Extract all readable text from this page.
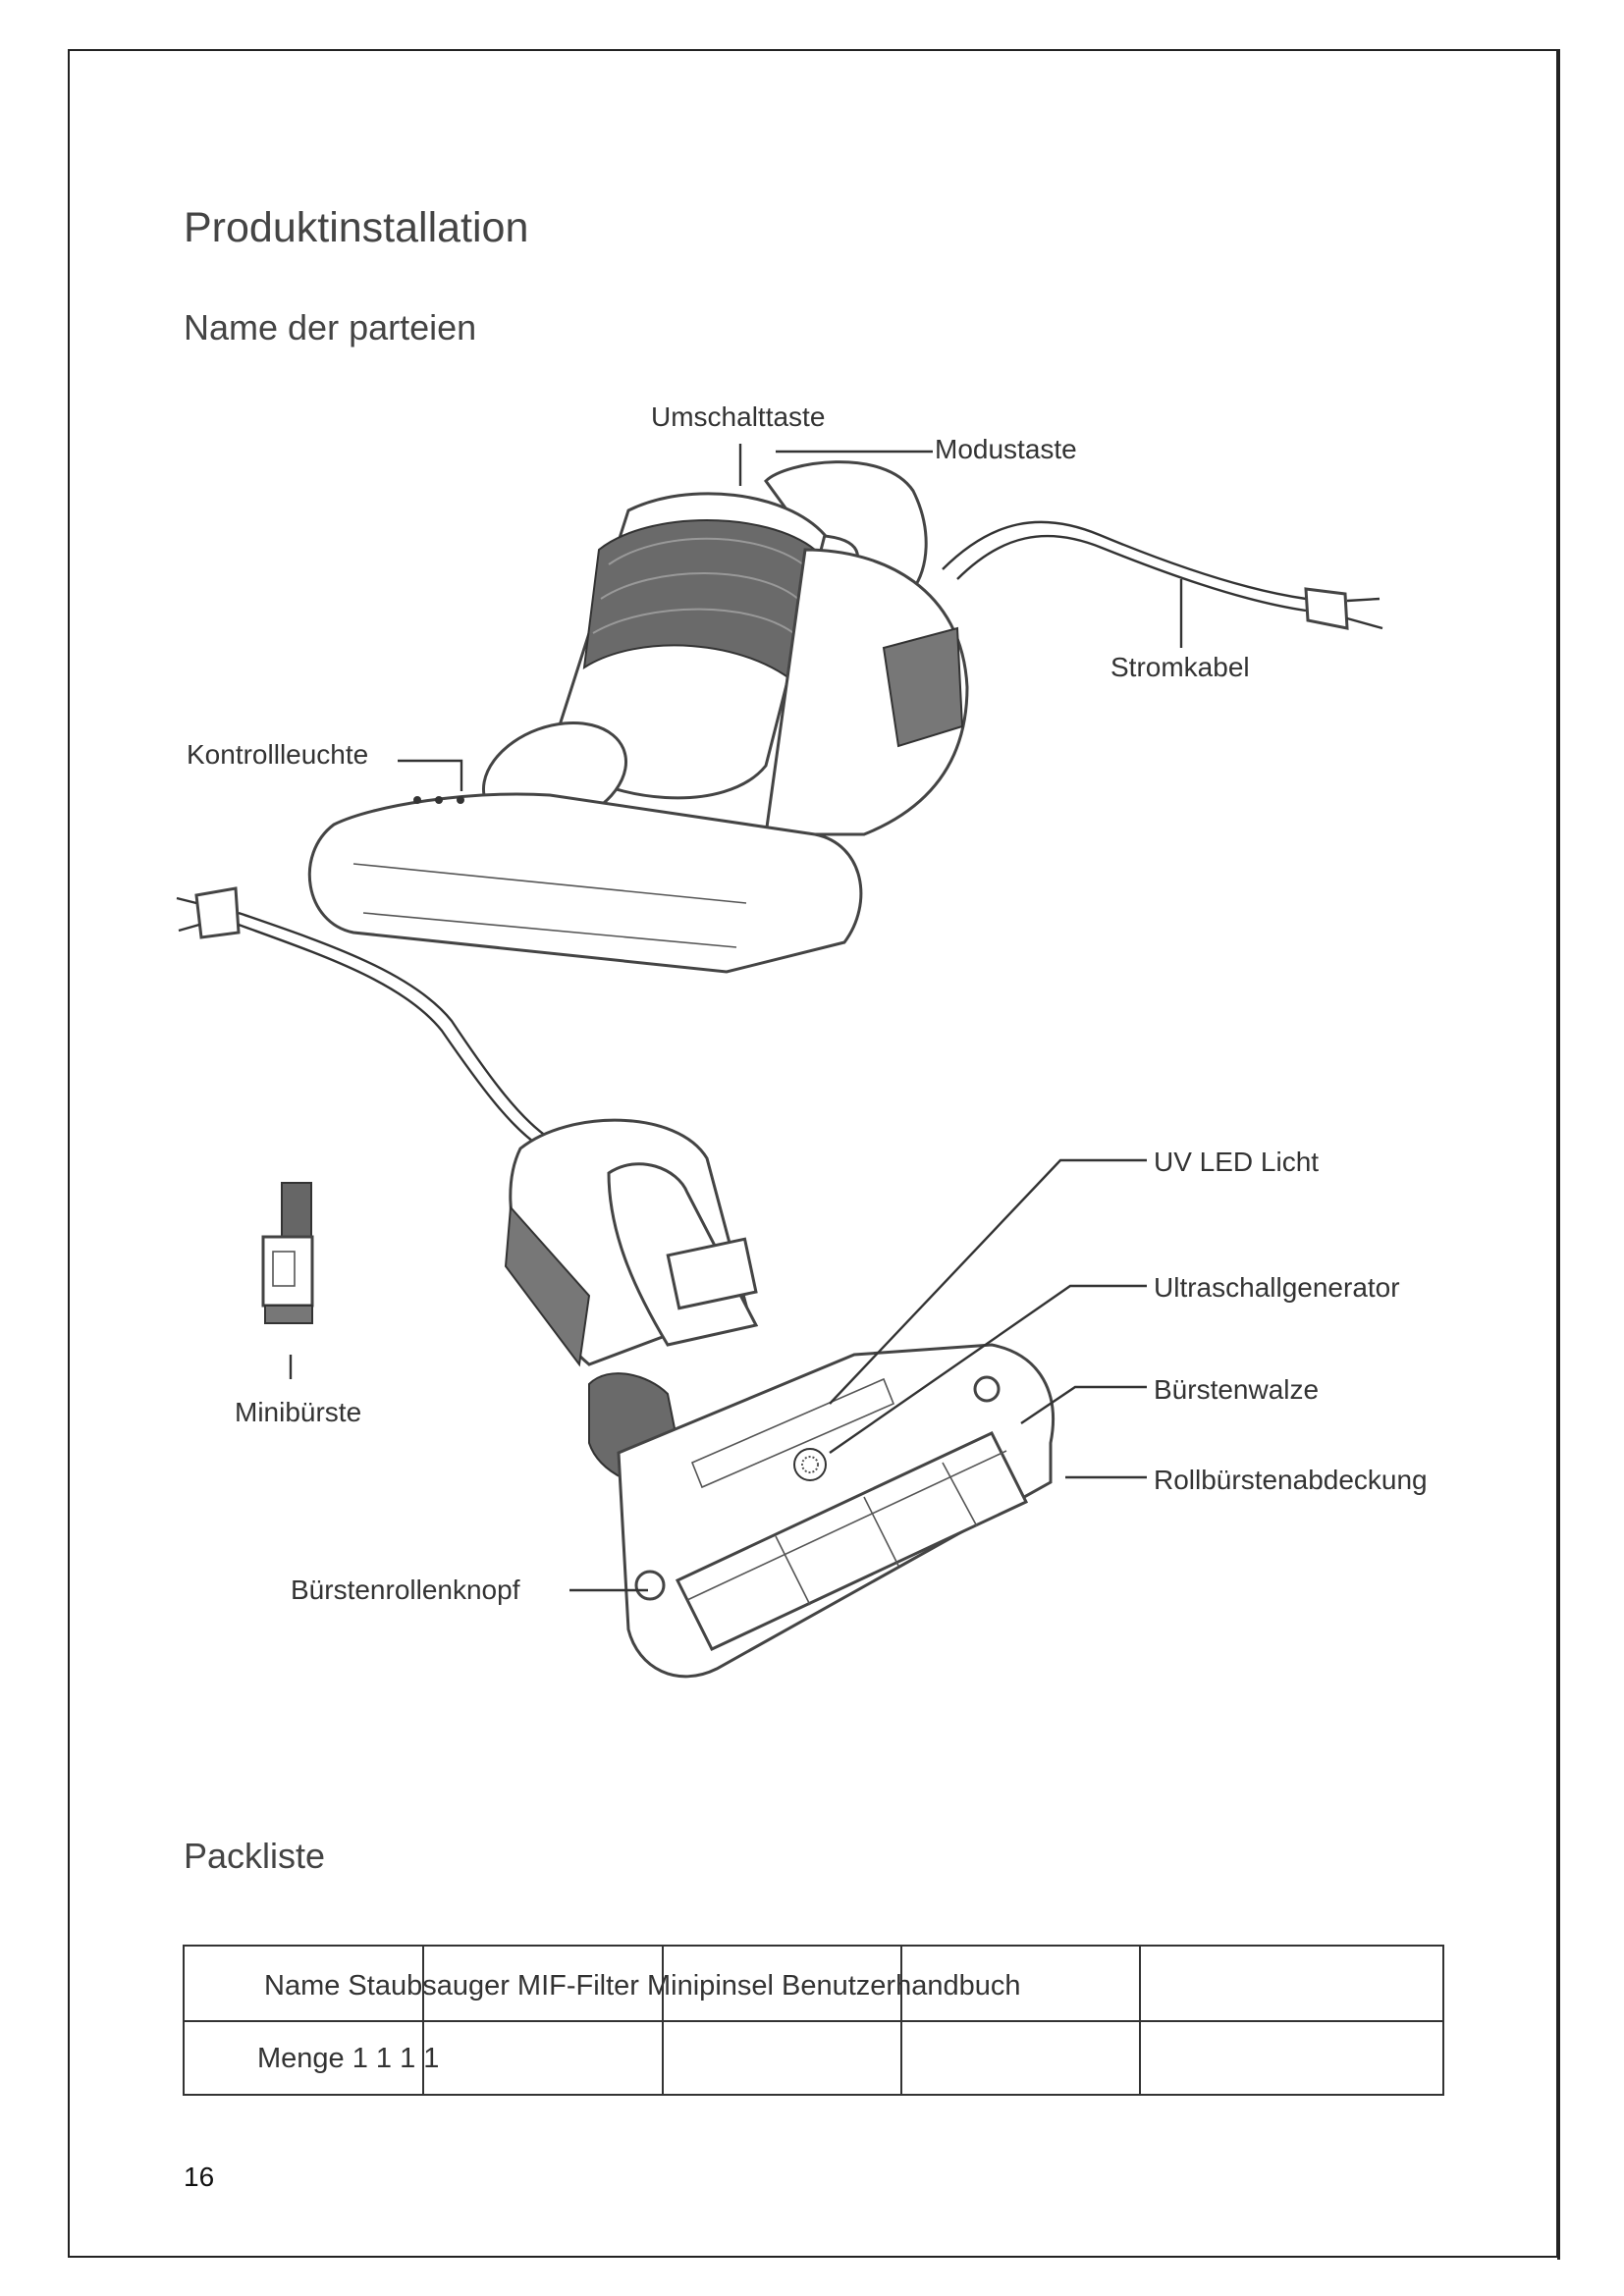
Produktinstallation
Name der parteien
Umschalttaste
Modustaste
Stromkabel
Kontrollleuchte
UV LED Licht
Ultraschallgenerator
Bürstenwalze
Rollbürstenabdeckung
Minibürste
Bürstenrollenknopf
Packliste
Name Staubsauger MIF-Filter Minipinsel Benutzerhandbuch
Menge 1 1 1 1
16
